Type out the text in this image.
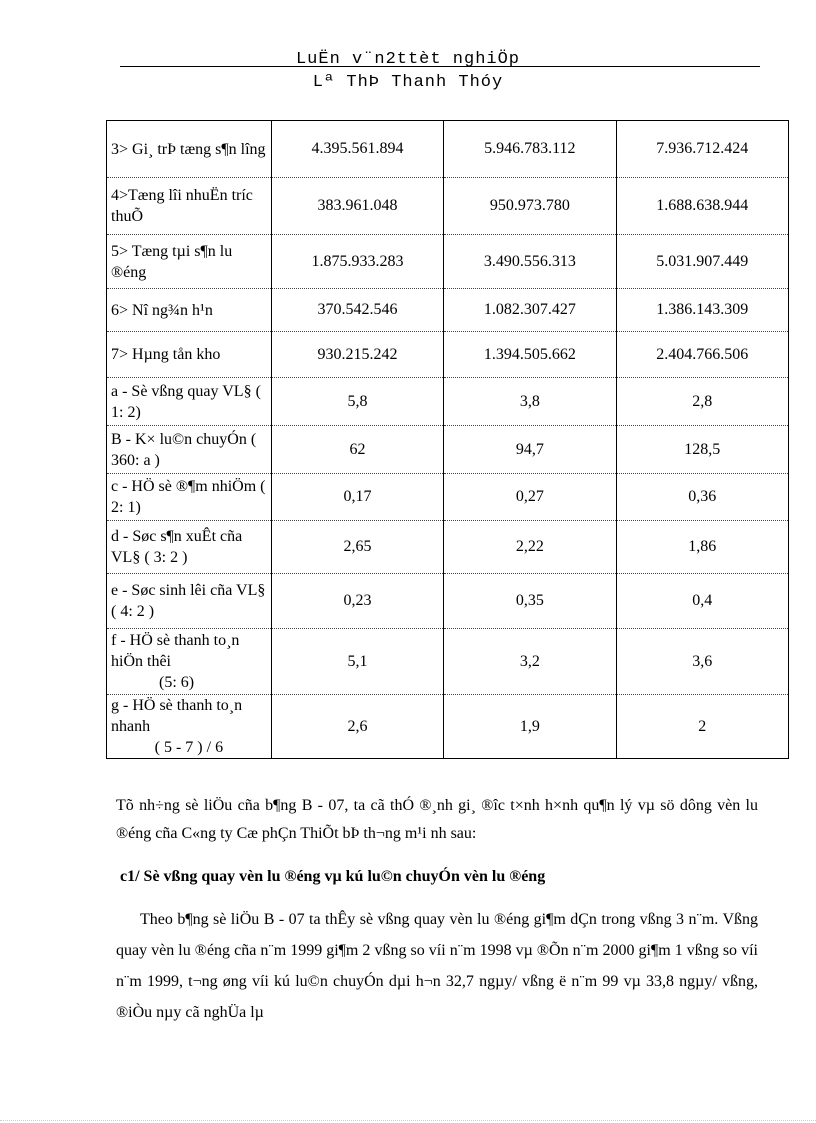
LuËn v¨n2ttèt nghiÖp
Lª ThÞ Thanh Thóy
3> Gi¸ trÞ tæng s¶n lîng	4.395.561.894	5.946.783.112	7.936.712.424
4>Tæng lîi nhuËn tríc thuÕ	383.961.048	950.973.780	1.688.638.944
5> Tæng tµi s¶n lu ®éng	1.875.933.283	3.490.556.313	5.031.907.449
6> Nî ng¾n h¹n	370.542.546	1.082.307.427	1.386.143.309
7> Hµng tån kho	930.215.242	1.394.505.662	2.404.766.506
a - Sè vßng quay VL§ ( 1: 2)	5,8	3,8	2,8
B - K× lu©n chuyÓn ( 360: a )	62	94,7	128,5
c - HÖ sè ®¶m nhiÖm ( 2: 1)	0,17	0,27	0,36
d - Søc s¶n xuÊt cña VL§ ( 3: 2 )	2,65	2,22	1,86
e - Søc sinh lêi cña VL§ ( 4: 2 )	0,23	0,35	0,4
f - HÖ sè thanh to¸n hiÖn thêi
(5: 6)	5,1	3,2	3,6
g - HÖ sè thanh to¸n nhanh
( 5 - 7 ) / 6	2,6	1,9	2
Tõ nh÷ng sè liÖu cña b¶ng B - 07, ta cã thÓ ®¸nh gi¸ ®îc t×nh h×nh qu¶n lý vµ sö dông vèn lu ®éng cña C«ng ty Cæ phÇn ThiÕt bÞ th¬ng m¹i nh sau:
c1/ Sè vßng quay vèn lu ®éng vµ kú lu©n chuyÓn vèn lu ®éng
Theo b¶ng sè liÖu B - 07 ta thÊy sè vßng quay vèn lu ®éng gi¶m dÇn trong vßng 3 n¨m. Vßng quay vèn lu ®éng cña n¨m 1999 gi¶m 2 vßng so víi n¨m 1998 vµ ®Õn n¨m 2000 gi¶m 1 vßng so víi n¨m 1999, t¬ng øng víi kú lu©n chuyÓn dµi h¬n 32,7 ngµy/ vßng ë n¨m 99 vµ 33,8 ngµy/ vßng, ®iÒu nµy cã nghÜa lµ
